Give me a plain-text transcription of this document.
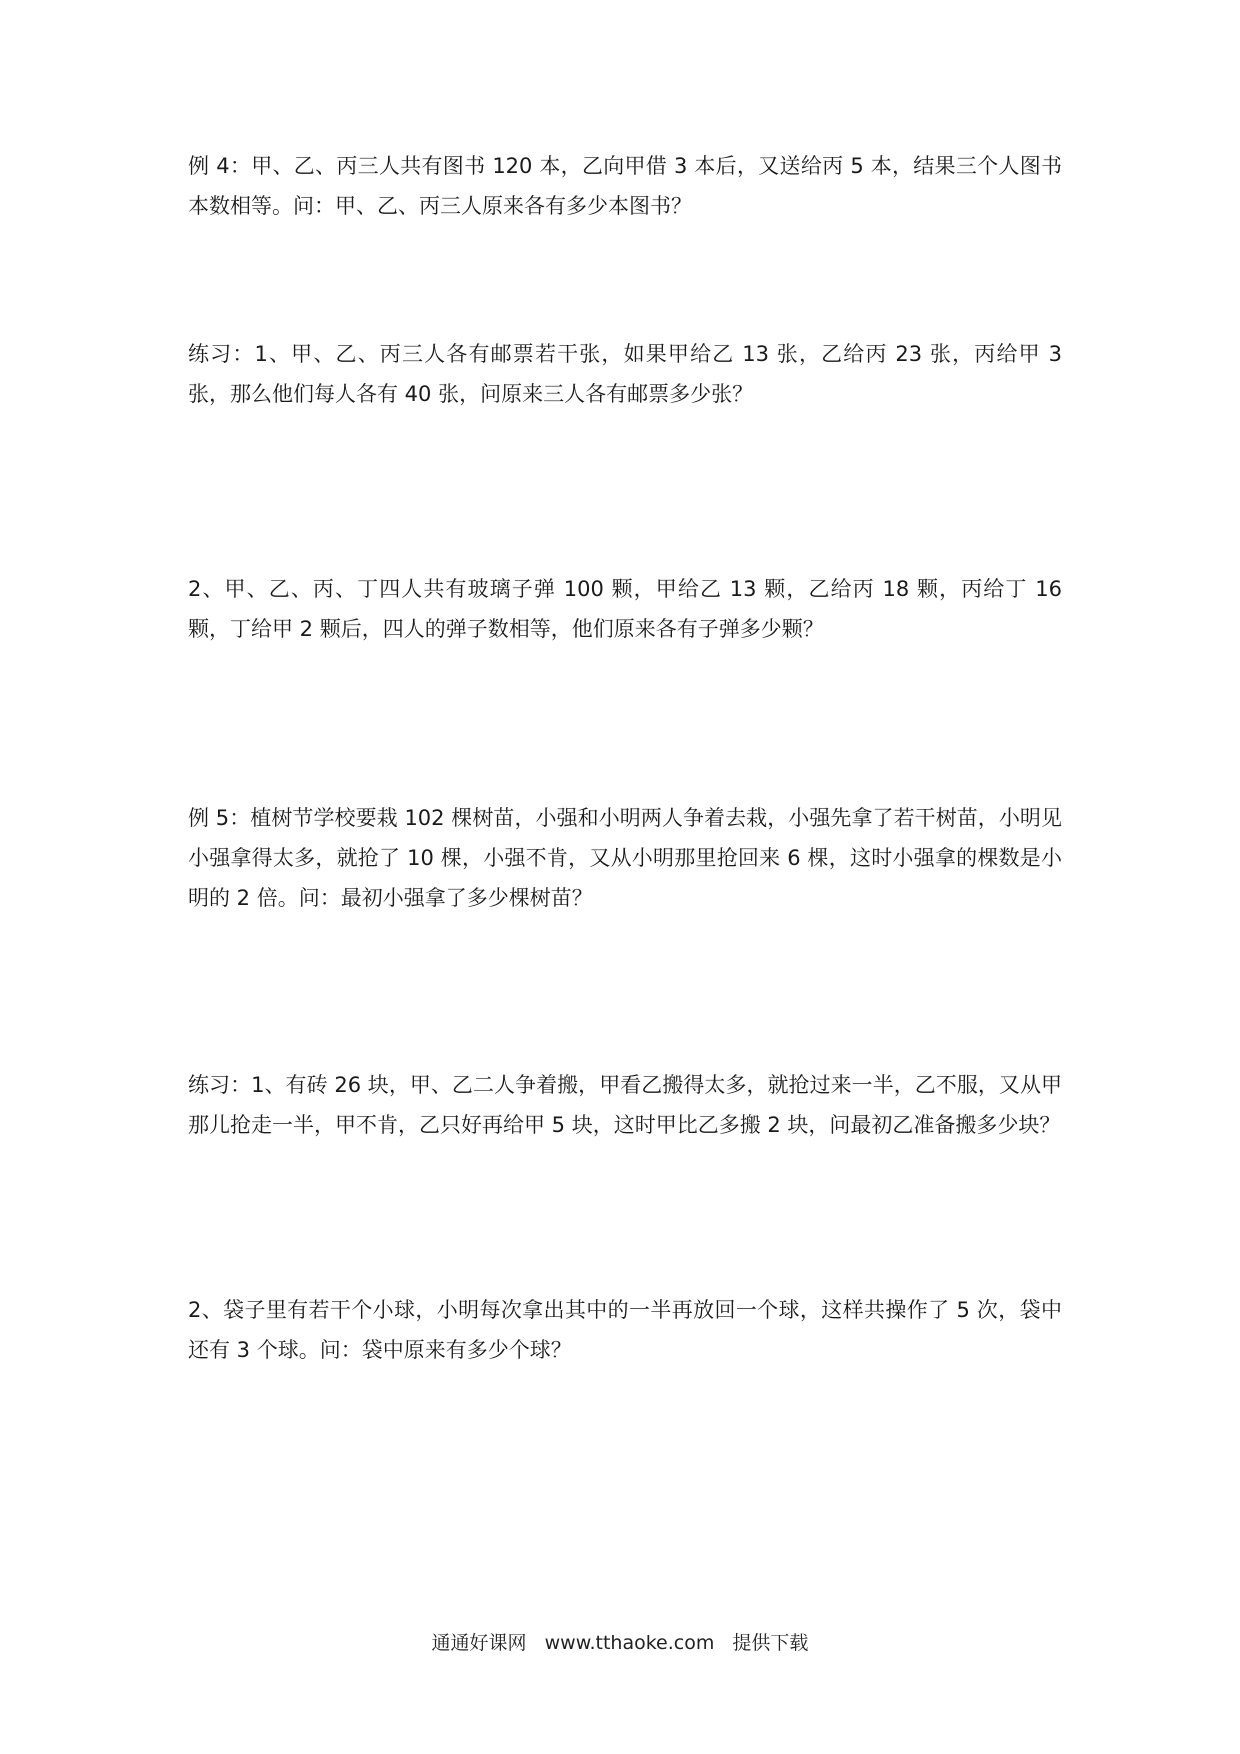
例 4：甲、乙、丙三人共有图书 120 本，乙向甲借 3 本后，又送给丙 5 本，结果三个人图书本数相等。问：甲、乙、丙三人原来各有多少本图书？

练习：1、甲、乙、丙三人各有邮票若干张，如果甲给乙 13 张，乙给丙 23 张，丙给甲 3 张，那么他们每人各有 40 张，问原来三人各有邮票多少张？

2、甲、乙、丙、丁四人共有玻璃子弹 100 颗，甲给乙 13 颗，乙给丙 18 颗，丙给丁 16 颗，丁给甲 2 颗后，四人的弹子数相等，他们原来各有子弹多少颗？

例 5：植树节学校要栽 102 棵树苗，小强和小明两人争着去栽，小强先拿了若干树苗，小明见小强拿得太多，就抢了 10 棵，小强不肯，又从小明那里抢回来 6 棵，这时小强拿的棵数是小明的 2 倍。问：最初小强拿了多少棵树苗？

练习：1、有砖 26 块，甲、乙二人争着搬，甲看乙搬得太多，就抢过来一半，乙不服，又从甲那儿抢走一半，甲不肯，乙只好再给甲 5 块，这时甲比乙多搬 2 块，问最初乙准备搬多少块？

2、袋子里有若干个小球，小明每次拿出其中的一半再放回一个球，这样共操作了 5 次，袋中还有 3 个球。问：袋中原来有多少个球？

通通好课网 www.tthaoke.com 提供下载
